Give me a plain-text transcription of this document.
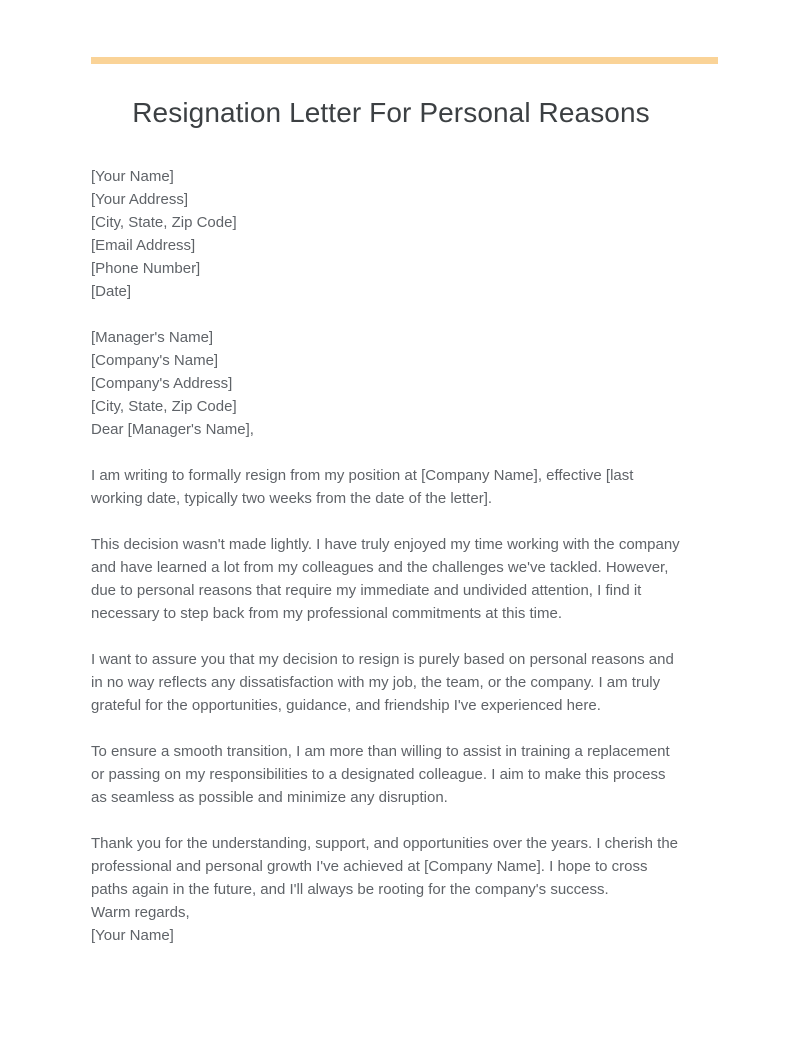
Resignation Letter For Personal Reasons
[Your Name]
[Your Address]
[City, State, Zip Code]
[Email Address]
[Phone Number]
[Date]
[Manager's Name]
[Company's Name]
[Company's Address]
[City, State, Zip Code]
Dear [Manager's Name],

I am writing to formally resign from my position at [Company Name], effective [last working date, typically two weeks from the date of the letter].

This decision wasn't made lightly. I have truly enjoyed my time working with the company and have learned a lot from my colleagues and the challenges we've tackled. However, due to personal reasons that require my immediate and undivided attention, I find it necessary to step back from my professional commitments at this time.

I want to assure you that my decision to resign is purely based on personal reasons and in no way reflects any dissatisfaction with my job, the team, or the company. I am truly grateful for the opportunities, guidance, and friendship I've experienced here.

To ensure a smooth transition, I am more than willing to assist in training a replacement or passing on my responsibilities to a designated colleague. I aim to make this process as seamless as possible and minimize any disruption.

Thank you for the understanding, support, and opportunities over the years. I cherish the professional and personal growth I've achieved at [Company Name]. I hope to cross paths again in the future, and I'll always be rooting for the company's success.
Warm regards,
[Your Name]
